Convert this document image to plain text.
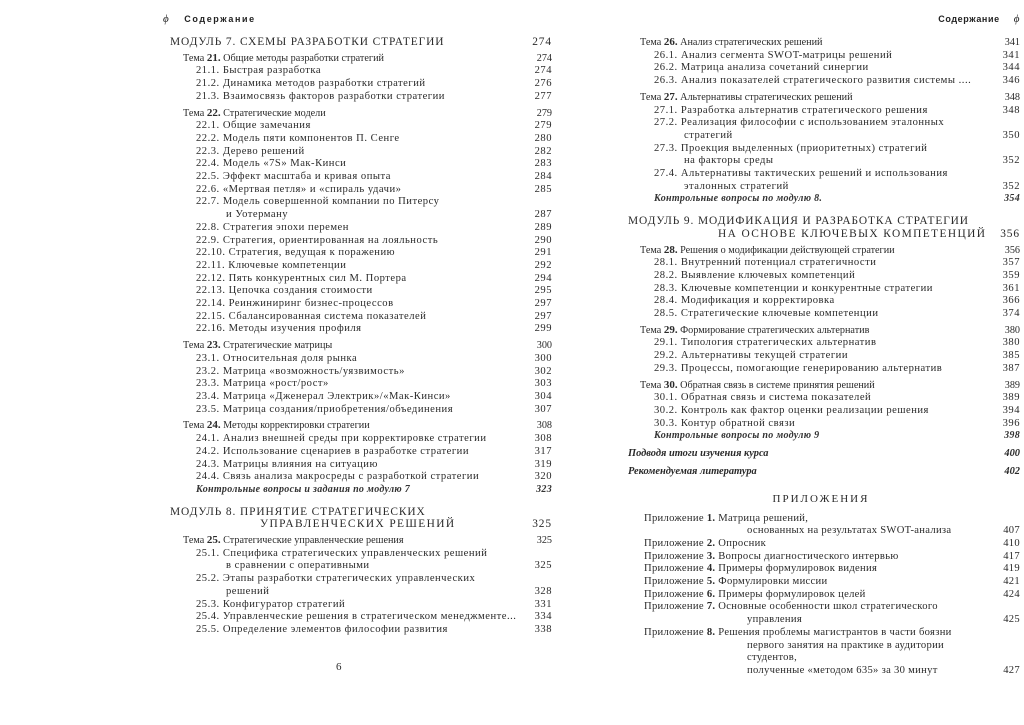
ϕ Содержание
МОДУЛЬ 7. СХЕМЫ РАЗРАБОТКИ СТРАТЕГИИ	274
Тема 21. Общие методы разработки стратегий	274
21.1. Быстрая разработка	274
21.2. Динамика методов разработки стратегий	276
21.3. Взаимосвязь факторов разработки стратегии	277
Тема 22. Стратегические модели	279
22.1. Общие замечания	279
22.2. Модель пяти компонентов П. Сенге	280
22.3. Дерево решений	282
22.4. Модель «7S» Мак-Кинси	283
22.5. Эффект масштаба и кривая опыта	284
22.6. «Мертвая петля» и «спираль удачи»	285
22.7. Модель совершенной компании по Питерсу
и Уотерману	287
22.8. Стратегия эпохи перемен	289
22.9. Стратегия, ориентированная на лояльность	290
22.10. Стратегия, ведущая к поражению	291
22.11. Ключевые компетенции	292
22.12. Пять конкурентных сил М. Портера	294
22.13. Цепочка создания стоимости	295
22.14. Реинжиниринг бизнес-процессов	297
22.15. Сбалансированная система показателей	297
22.16. Методы изучения профиля	299
Тема 23. Стратегические матрицы	300
23.1. Относительная доля рынка	300
23.2. Матрица «возможность/уязвимость»	302
23.3. Матрица «рост/рост»	303
23.4. Матрица «Дженерал Электрик»/«Мак-Кинси»	304
23.5. Матрица создания/приобретения/объединения	307
Тема 24. Методы корректировки стратегии	308
24.1. Анализ внешней среды при корректировке стратегии	308
24.2. Использование сценариев в разработке стратегии	317
24.3. Матрицы влияния на ситуацию	319
24.4. Связь анализа макросреды с разработкой стратегии	320
Контрольные вопросы и задания по модулю 7	323
МОДУЛЬ 8. ПРИНЯТИЕ СТРАТЕГИЧЕСКИХ
УПРАВЛЕНЧЕСКИХ РЕШЕНИЙ	325
Тема 25. Стратегические управленческие решения	325
25.1. Специфика стратегических управленческих решений
в сравнении с оперативными	325
25.2. Этапы разработки стратегических управленческих
решений	328
25.3. Конфигуратор стратегий	331
25.4. Управленческие решения в стратегическом менеджменте...	334
25.5. Определение элементов философии развития	338
6
Содержание ϕ
Тема 26. Анализ стратегических решений	341
26.1. Анализ сегмента SWOT-матрицы решений	341
26.2. Матрица анализа сочетаний синергии	344
26.3. Анализ показателей стратегического развития системы ....	346
Тема 27. Альтернативы стратегических решений	348
27.1. Разработка альтернатив стратегического решения	348
27.2. Реализация философии с использованием эталонных
стратегий	350
27.3. Проекция выделенных (приоритетных) стратегий
на факторы среды	352
27.4. Альтернативы тактических решений и использования
эталонных стратегий	352
Контрольные вопросы по модулю 8.	354
МОДУЛЬ 9. МОДИФИКАЦИЯ И РАЗРАБОТКА СТРАТЕГИИ
НА ОСНОВЕ КЛЮЧЕВЫХ КОМПЕТЕНЦИЙ	356
Тема 28. Решения о модификации действующей стратегии	356
28.1. Внутренний потенциал стратегичности	357
28.2. Выявление ключевых компетенций	359
28.3. Ключевые компетенции и конкурентные стратегии	361
28.4. Модификация и корректировка	366
28.5. Стратегические ключевые компетенции	374
Тема 29. Формирование стратегических альтернатив	380
29.1. Типология стратегических альтернатив	380
29.2. Альтернативы текущей стратегии	385
29.3. Процессы, помогающие генерированию альтернатив	387
Тема 30. Обратная связь в системе принятия решений	389
30.1. Обратная связь и система показателей	389
30.2. Контроль как фактор оценки реализации решения	394
30.3. Контур обратной связи	396
Контрольные вопросы по модулю 9	398
Подводя итоги изучения курса	400
Рекомендуемая литература	402
ПРИЛОЖЕНИЯ
Приложение 1. Матрица решений,
основанных на результатах SWOT-анализа	407
Приложение 2. Опросник	410
Приложение 3. Вопросы диагностического интервью	417
Приложение 4. Примеры формулировок видения	419
Приложение 5. Формулировки миссии	421
Приложение 6. Примеры формулировок целей	424
Приложение 7. Основные особенности школ стратегического
управления	425
Приложение 8. Решения проблемы магистрантов в части боязни
первого занятия на практике в аудитории студентов,
полученные «методом 635» за 30 минут	427
